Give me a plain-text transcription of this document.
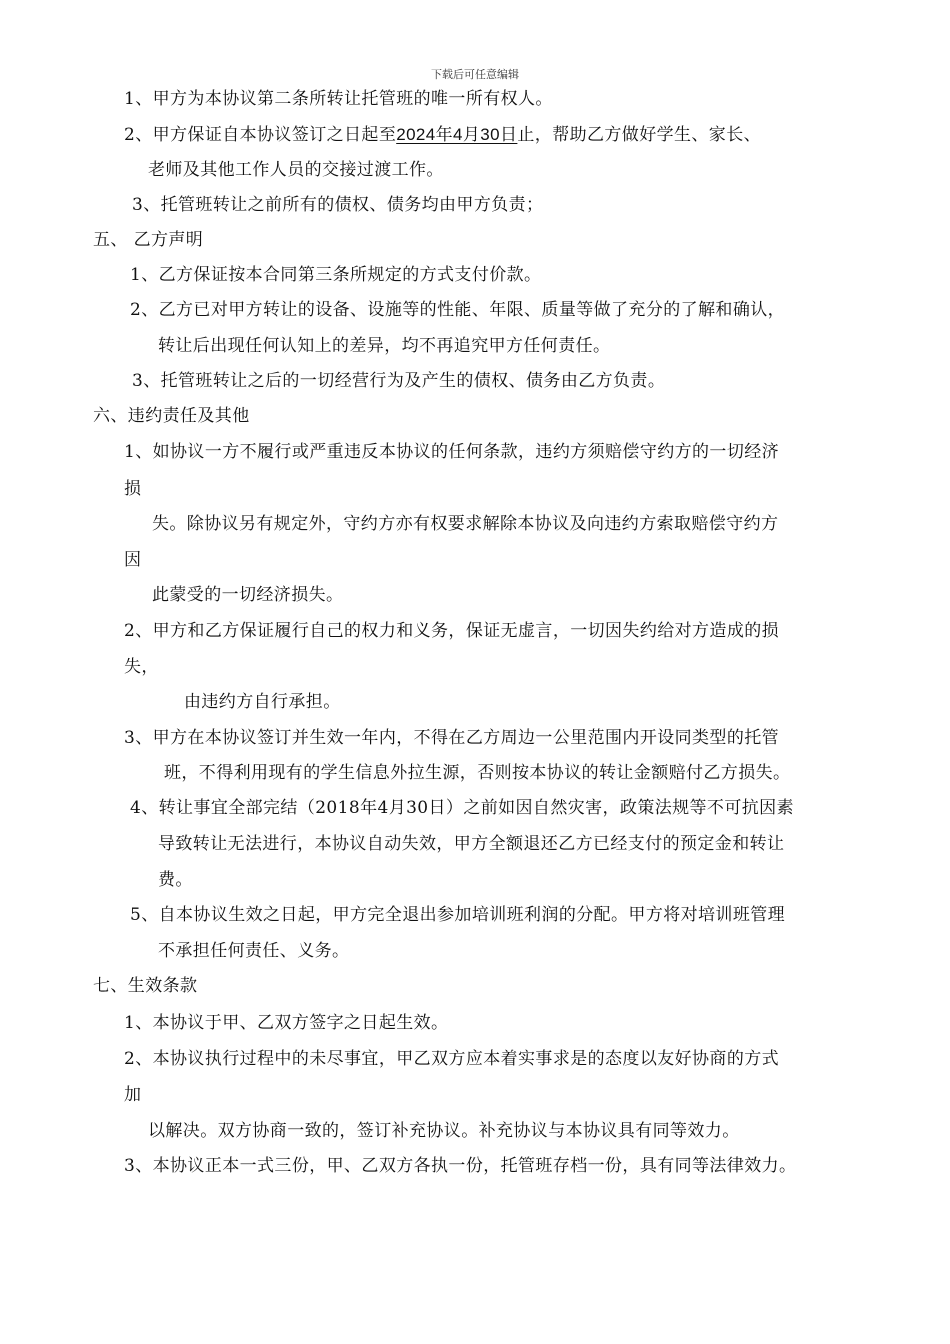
下载后可任意编辑
1、甲方为本协议第二条所转让托管班的唯一所有权人。
2、甲方保证自本协议签订之日起至2024年4月30日止，帮助乙方做好学生、家长、
老师及其他工作人员的交接过渡工作。
3、托管班转让之前所有的债权、债务均由甲方负责；
五、 乙方声明
1、乙方保证按本合同第三条所规定的方式支付价款。
2、乙方已对甲方转让的设备、设施等的性能、年限、质量等做了充分的了解和确认，
转让后出现任何认知上的差异，均不再追究甲方任何责任。
3、托管班转让之后的一切经营行为及产生的债权、债务由乙方负责。
六、违约责任及其他
1、如协议一方不履行或严重违反本协议的任何条款，违约方须赔偿守约方的一切经济
损
失。除协议另有规定外，守约方亦有权要求解除本协议及向违约方索取赔偿守约方
因
此蒙受的一切经济损失。
2、甲方和乙方保证履行自己的权力和义务，保证无虚言，一切因失约给对方造成的损
失，
由违约方自行承担。
3、甲方在本协议签订并生效一年内，不得在乙方周边一公里范围内开设同类型的托管
班，不得利用现有的学生信息外拉生源，否则按本协议的转让金额赔付乙方损失。
4、转让事宜全部完结（2018年4月30日）之前如因自然灾害，政策法规等不可抗因素
导致转让无法进行，本协议自动失效，甲方全额退还乙方已经支付的预定金和转让
费。
5、自本协议生效之日起，甲方完全退出参加培训班利润的分配。甲方将对培训班管理
不承担任何责任、义务。
七、生效条款
1、本协议于甲、乙双方签字之日起生效。
2、本协议执行过程中的未尽事宜，甲乙双方应本着实事求是的态度以友好协商的方式
加
以解决。双方协商一致的，签订补充协议。补充协议与本协议具有同等效力。
3、本协议正本一式三份，甲、乙双方各执一份，托管班存档一份，具有同等法律效力。
